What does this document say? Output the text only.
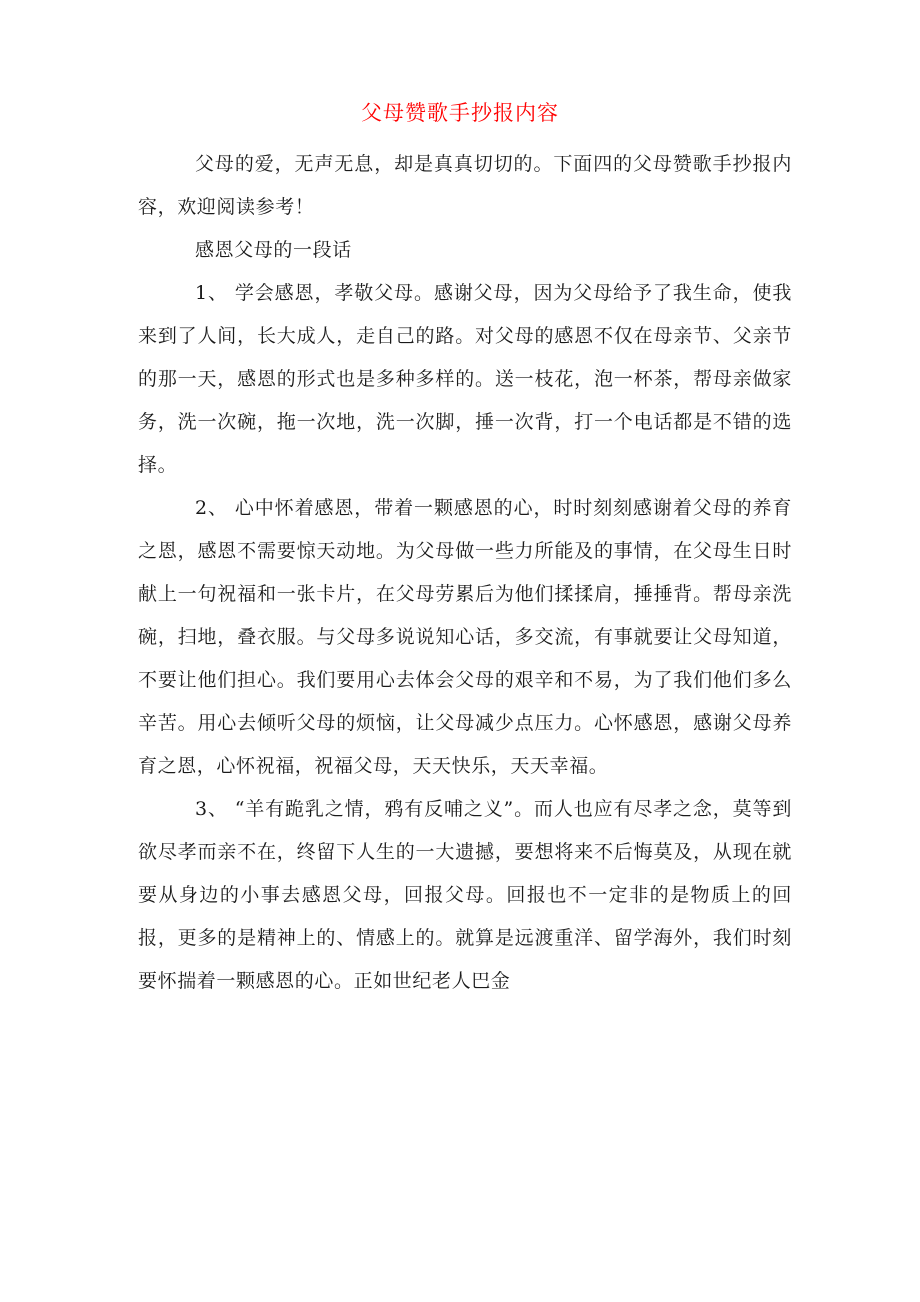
父母赞歌手抄报内容

父母的爱，无声无息，却是真真切切的。下面四的父母赞歌手抄报内容，欢迎阅读参考！

感恩父母的一段话

1、 学会感恩，孝敬父母。感谢父母，因为父母给予了我生命，使我来到了人间，长大成人，走自己的路。对父母的感恩不仅在母亲节、父亲节的那一天，感恩的形式也是多种多样的。送一枝花，泡一杯茶，帮母亲做家务，洗一次碗，拖一次地，洗一次脚，捶一次背，打一个电话都是不错的选择。

2、 心中怀着感恩，带着一颗感恩的心，时时刻刻感谢着父母的养育之恩，感恩不需要惊天动地。为父母做一些力所能及的事情，在父母生日时献上一句祝福和一张卡片，在父母劳累后为他们揉揉肩，捶捶背。帮母亲洗碗，扫地，叠衣服。与父母多说说知心话，多交流，有事就要让父母知道，不要让他们担心。我们要用心去体会父母的艰辛和不易，为了我们他们多么辛苦。用心去倾听父母的烦恼，让父母减少点压力。心怀感恩，感谢父母养育之恩，心怀祝福，祝福父母，天天快乐，天天幸福。

3、 “羊有跪乳之情，鸦有反哺之义”。而人也应有尽孝之念，莫等到欲尽孝而亲不在，终留下人生的一大遗撼，要想将来不后悔莫及，从现在就要从身边的小事去感恩父母，回报父母。回报也不一定非的是物质上的回报，更多的是精神上的、情感上的。就算是远渡重洋、留学海外，我们时刻要怀揣着一颗感恩的心。正如世纪老人巴金
